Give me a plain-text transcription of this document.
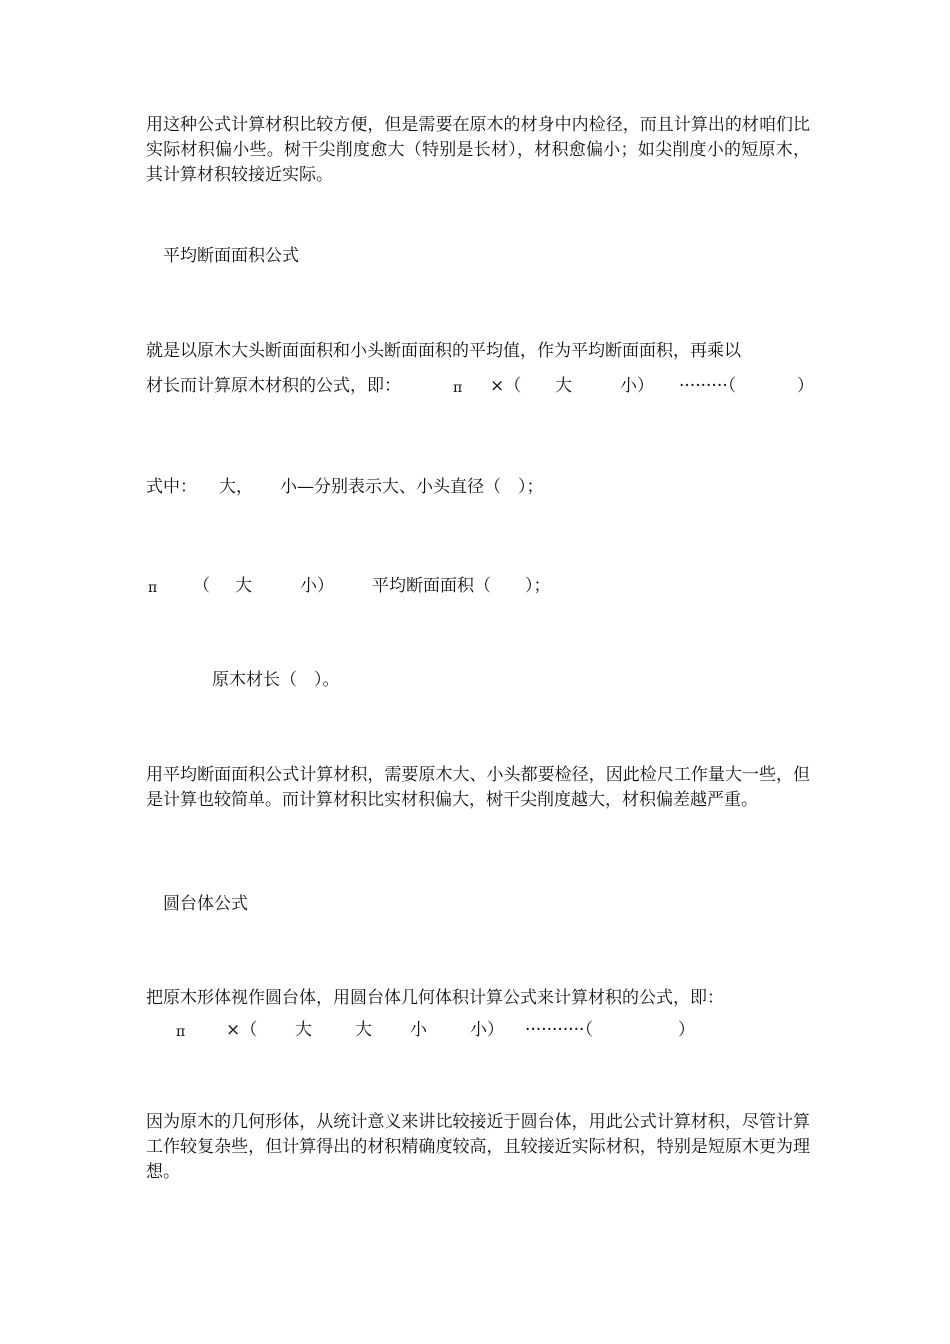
用这种公式计算材积比较方便，但是需要在原木的材身中内检径，而且计算出的材咱们比实际材积偏小些。树干尖削度愈大（特别是长材），材积愈偏小；如尖削度小的短原木，其计算材积较接近实际。

平均断面面积公式

就是以原木大头断面面积和小头断面面积的平均值，作为平均断面面积，再乘以

材长而计算原木材积的公式，即：	π ×（ 大	小） ·········（	）
式中： 大， 小—分别表示大、小头直径（　）；
π （ 大	小） 平均断面面积（　　）；

原木材长（　）。

用平均断面面积公式计算材积，需要原木大、小头都要检径，因此检尺工作量大一些，但是计算也较简单。而计算材积比实材积偏大，树干尖削度越大，材积偏差越严重。

圆台体公式

把原木形体视作圆台体，用圆台体几何体积计算公式来计算材积的公式，即：

π ×（ 大	大 小	小） ···········（	）

因为原木的几何形体，从统计意义来讲比较接近于圆台体，用此公式计算材积，尽管计算工作较复杂些，但计算得出的材积精确度较高，且较接近实际材积，特别是短原木更为理想。
